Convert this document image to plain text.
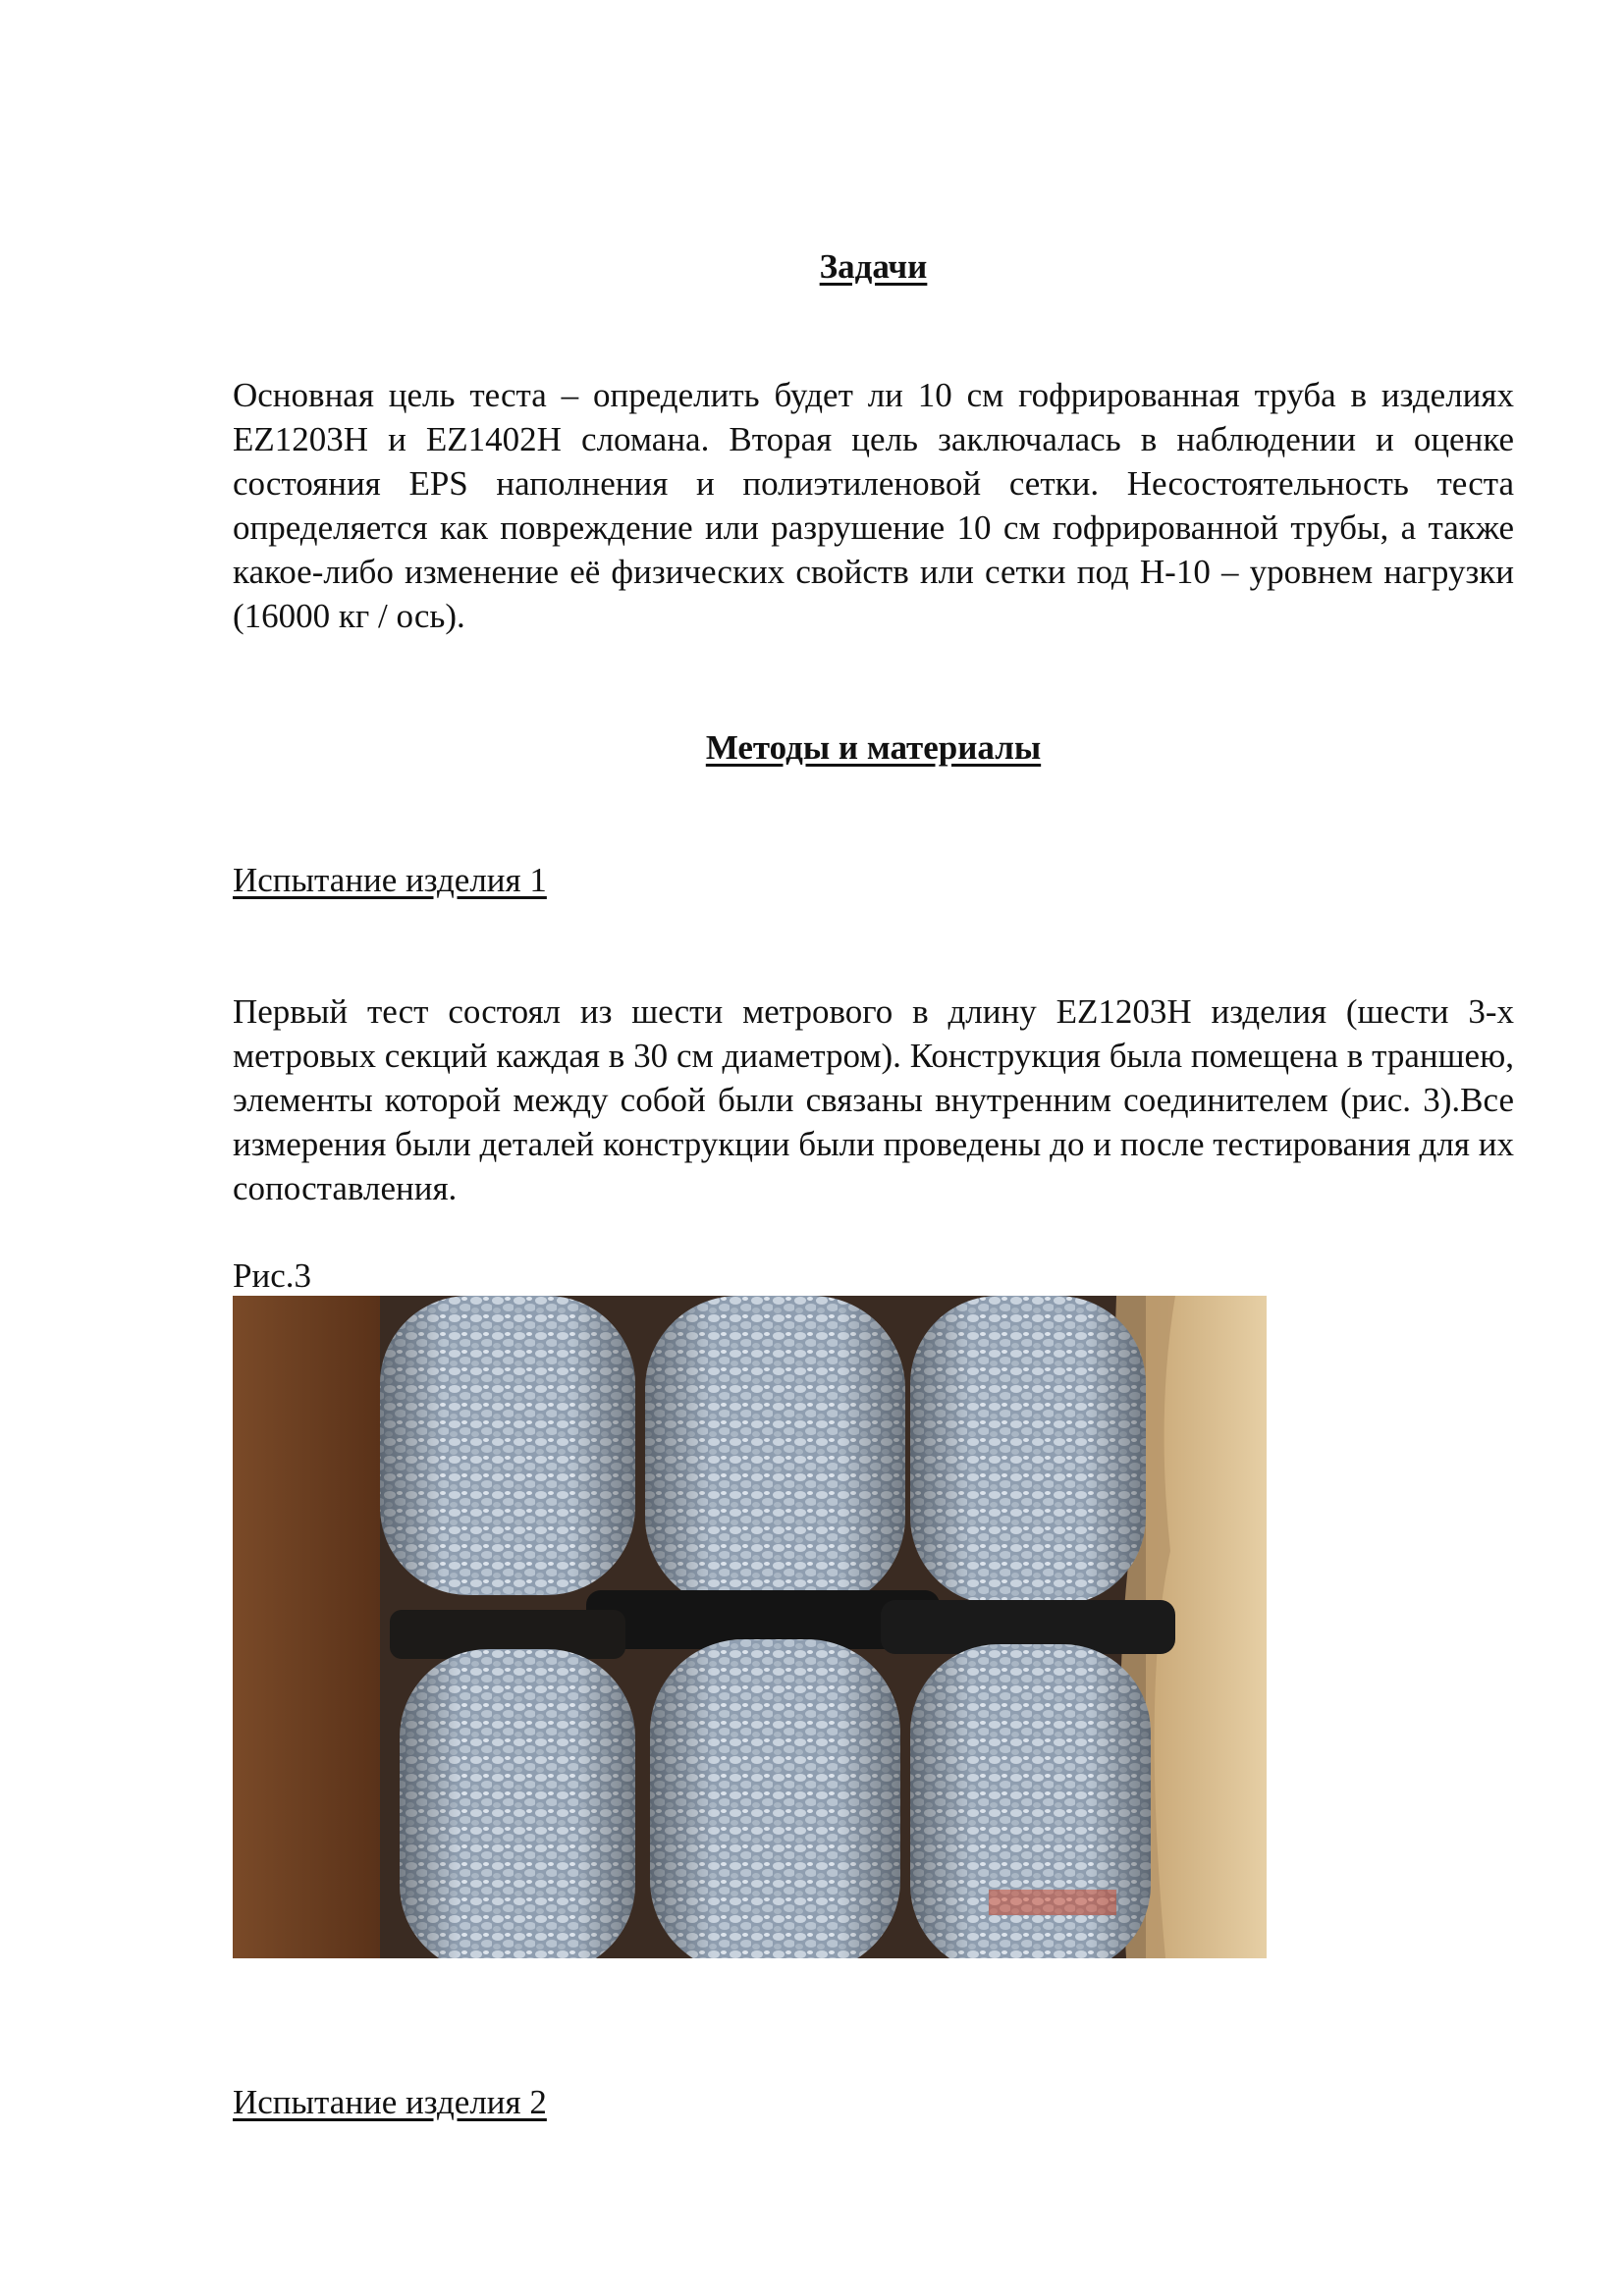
Задачи

Основная цель теста – определить будет ли 10 см гофрированная труба в изделиях EZ1203H и EZ1402H сломана. Вторая цель заключалась в наблюдении и оценке состояния EPS наполнения и полиэтиленовой сетки. Несостоятельность теста определяется как повреждение или разрушение 10 см гофрированной трубы, а также какое-либо изменение её физических свойств или сетки под H-10 – уровнем нагрузки (16000 кг / ось).

Методы и материалы
Испытание изделия 1

Первый тест состоял из шести метрового в длину EZ1203H изделия (шести 3-х метровых секций каждая в 30 см диаметром). Конструкция была помещена в траншею, элементы которой между собой были связаны внутренним соединителем (рис. 3).Все измерения были деталей конструкции были проведены до и после тестирования для их сопоставления.

Рис.3
Испытание изделия 2
